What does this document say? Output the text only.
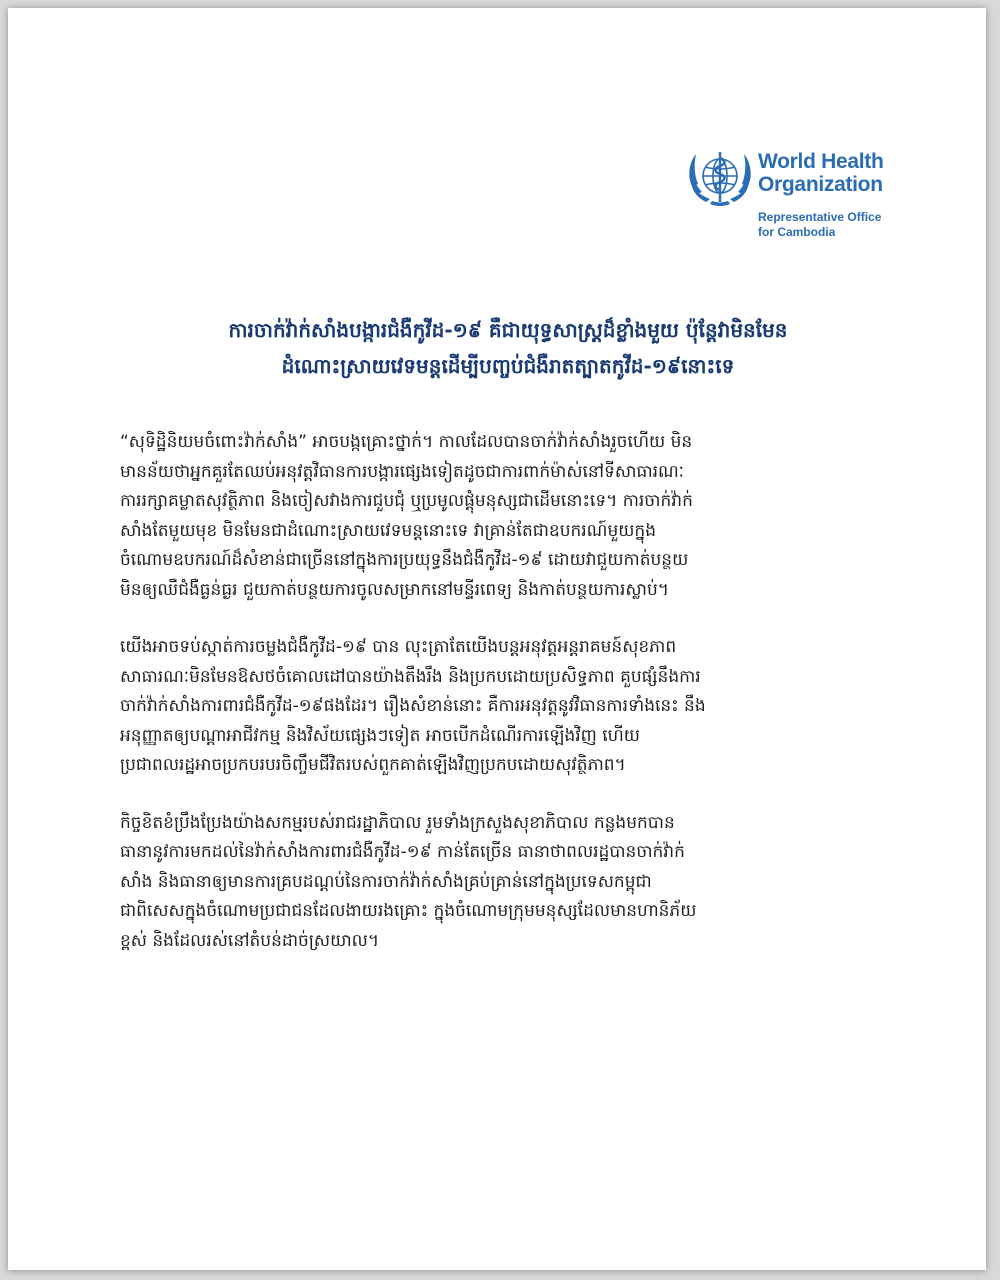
World Health
Organization
Representative Office
for Cambodia
ការចាក់វ៉ាក់សាំងបង្ការជំងឺកូវីដ-១៩ គឺជាយុទ្ធសាស្ត្រដ៏ខ្លាំងមួយ ប៉ុន្តែវាមិនមែន
ដំណោះស្រាយវេទមន្តដើម្បីបញ្ចប់ជំងឺរាតត្បាតកូវីដ-១៩នោះទេ
“សុទិដ្ឋិនិយមចំពោះវ៉ាក់សាំង” អាចបង្កគ្រោះថ្នាក់។ កាលដែលបានចាក់វ៉ាក់សាំងរួចហើយ មិន
មានន័យថាអ្នកគួរតែឈប់អនុវត្តវិធានការបង្ការផ្សេងទៀតដូចជាការពាក់ម៉ាស់នៅទីសាធារណៈ
ការរក្សាគម្លាតសុវត្ថិភាព និងចៀសវាងការជួបជុំ ឬប្រមូលផ្តុំមនុស្សជាដើមនោះទេ។ ការចាក់វ៉ាក់
សាំងតែមួយមុខ មិនមែនជាដំណោះស្រាយវេទមន្តនោះទេ វាគ្រាន់តែជាឧបករណ៍មួយក្នុង
ចំណោមឧបករណ៍ដ៏សំខាន់ជាច្រើននៅក្នុងការប្រយុទ្ធនឹងជំងឺកូវីដ-១៩ ដោយវាជួយកាត់បន្ថយ
មិនឲ្យឈឺជំងឺធ្ងន់ធ្ងរ ជួយកាត់បន្ថយការចូលសម្រាកនៅមន្ទីរពេទ្យ និងកាត់បន្ថយការស្លាប់។
យើងអាចទប់ស្កាត់ការចម្លងជំងឺកូវីដ-១៩ បាន លុះត្រាតែយើងបន្តអនុវត្តអន្តរាគមន៍សុខភាព
សាធារណៈមិនមែនឱសថចំគោលដៅបានយ៉ាងតឹងរឹង និងប្រកបដោយប្រសិទ្ធភាព គួបផ្សំនឹងការ
ចាក់វ៉ាក់សាំងការពារជំងឺកូវីដ-១៩ផងដែរ។ រឿងសំខាន់នោះ គឺការអនុវត្តនូវវិធានការទាំងនេះ នឹង
អនុញ្ញាតឲ្យបណ្តាអាជីវកម្ម និងវិស័យផ្សេងៗទៀត អាចបើកដំណើរការឡើងវិញ ហើយ
ប្រជាពលរដ្ឋអាចប្រកបរបរចិញ្ចឹមជីវិតរបស់ពួកគាត់ឡើងវិញប្រកបដោយសុវត្ថិភាព។
កិច្ចខិតខំប្រឹងប្រែងយ៉ាងសកម្មរបស់រាជរដ្ឋាភិបាល រួមទាំងក្រសួងសុខាភិបាល កន្លងមកបាន
ធានានូវការមកដល់នៃវ៉ាក់សាំងការពារជំងឺកូវីដ-១៩ កាន់តែច្រើន ធានាថាពលរដ្ឋបានចាក់វ៉ាក់
សាំង និងធានាឲ្យមានការគ្របដណ្តប់នៃការចាក់វ៉ាក់សាំងគ្រប់គ្រាន់នៅក្នុងប្រទេសកម្ពុជា
ជាពិសេសក្នុងចំណោមប្រជាជនដែលងាយរងគ្រោះ ក្នុងចំណោមក្រុមមនុស្សដែលមានហានិភ័យ
ខ្ពស់ និងដែលរស់នៅតំបន់ដាច់ស្រយាល។
